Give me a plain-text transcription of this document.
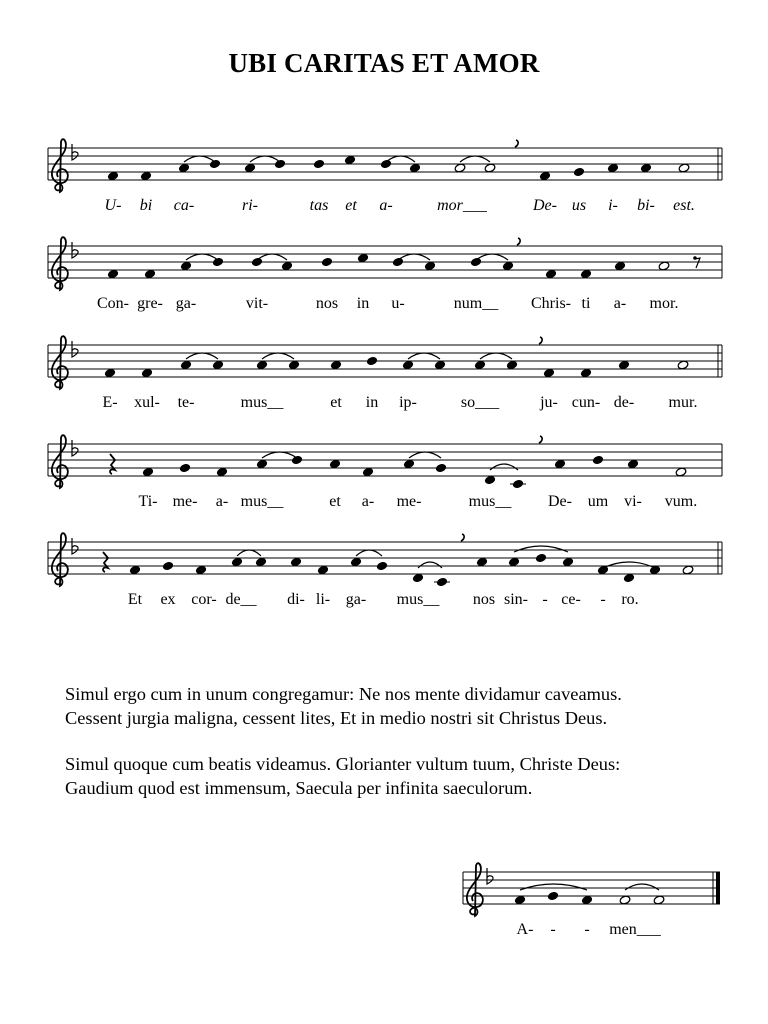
UBI CARITAS ET AMOR
U- bi ca-	ri-	tas et a-	mor___	De- us i- bi- est.
Con- gre- ga-	vit-	nos in u-	num__ Chris- ti a- mor.
E- xul- te-	mus__	et in ip-	so___	ju- cun- de- mur.
Ti- me- a- mus__	et a- me-	mus__ De- um vi- vum.
Et ex cor- de__ di- li- ga- mus__ nos sin- - ce- - ro.
Simul ergo cum in unum congregamur: Ne nos mente dividamur caveamus.
Cessent jurgia maligna, cessent lites, Et in medio nostri sit Christus Deus.
Simul quoque cum beatis videamus. Glorianter vultum tuum, Christe Deus:
Gaudium quod est immensum, Saecula per infinita saeculorum.
A- - - men___
